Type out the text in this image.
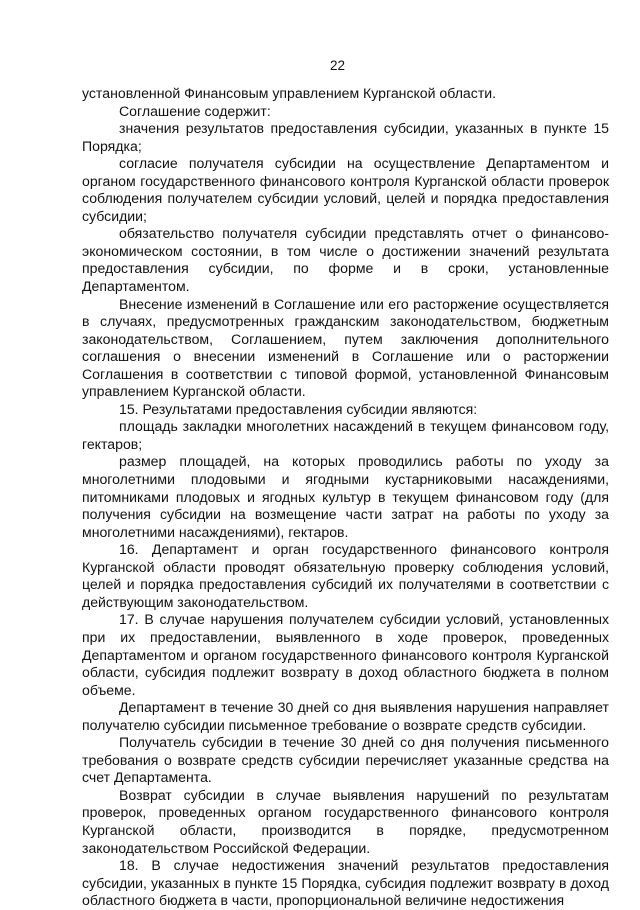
22

установленной Финансовым управлением Курганской области.

Соглашение содержит:

значения результатов предоставления субсидии, указанных в пункте 15 Порядка;

согласие получателя субсидии на осуществление Департаментом и органом государственного финансового контроля Курганской области проверок соблюдения получателем субсидии условий, целей и порядка предоставления субсидии;

обязательство получателя субсидии представлять отчет о финансово-экономическом состоянии, в том числе о достижении значений результата предоставления субсидии, по форме и в сроки, установленные Департаментом.

Внесение изменений в Соглашение или его расторжение осуществляется в случаях, предусмотренных гражданским законодательством, бюджетным законодательством, Соглашением, путем заключения дополнительного соглашения о внесении изменений в Соглашение или о расторжении Соглашения в соответствии с типовой формой, установленной Финансовым управлением Курганской области.

15. Результатами предоставления субсидии являются:

площадь закладки многолетних насаждений в текущем финансовом году, гектаров;

размер площадей, на которых проводились работы по уходу за многолетними плодовыми и ягодными кустарниковыми насаждениями, питомниками плодовых и ягодных культур в текущем финансовом году (для получения субсидии на возмещение части затрат на работы по уходу за многолетними насаждениями), гектаров.

16. Департамент и орган государственного финансового контроля Курганской области проводят обязательную проверку соблюдения условий, целей и порядка предоставления субсидий их получателями в соответствии с действующим законодательством.

17. В случае нарушения получателем субсидии условий, установленных при их предоставлении, выявленного в ходе проверок, проведенных Департаментом и органом государственного финансового контроля Курганской области, субсидия подлежит возврату в доход областного бюджета в полном объеме.

Департамент в течение 30 дней со дня выявления нарушения направляет получателю субсидии письменное требование о возврате средств субсидии.

Получатель субсидии в течение 30 дней со дня получения письменного требования о возврате средств субсидии перечисляет указанные средства на счет Департамента.

Возврат субсидии в случае выявления нарушений по результатам проверок, проведенных органом государственного финансового контроля Курганской области, производится в порядке, предусмотренном законодательством Российской Федерации.

18. В случае недостижения значений результатов предоставления субсидии, указанных в пункте 15 Порядка, субсидия подлежит возврату в доход областного бюджета в части, пропорциональной величине недостижения
